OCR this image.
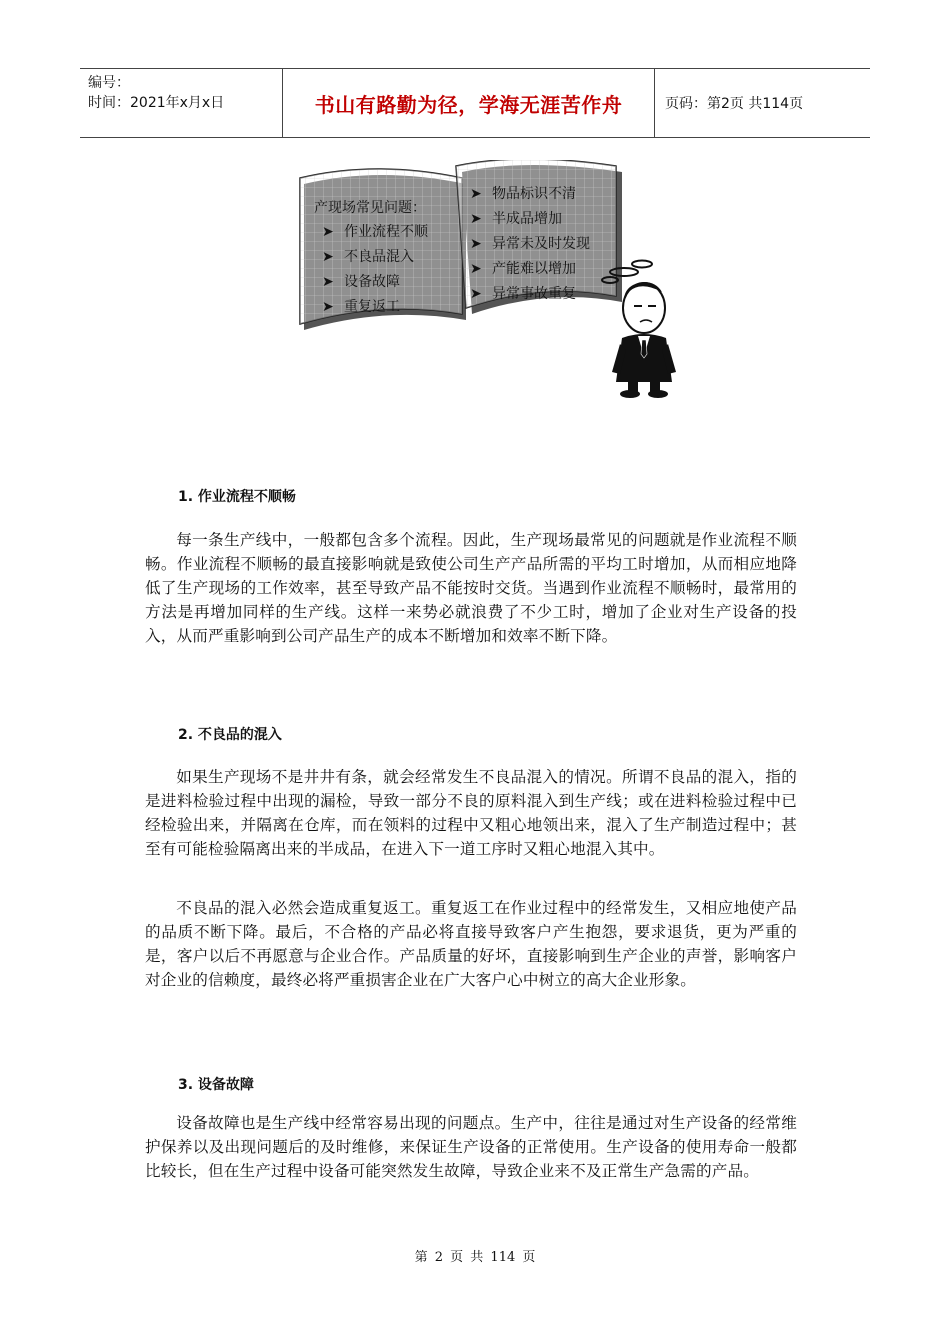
编号：
时间：2021年x月x日	书山有路勤为径，学海无涯苦作舟	页码：第2页 共114页
产现场常见问题：
➤ 作业流程不顺
➤ 不良品混入
➤ 设备故障
➤ 重复返工
➤ 物品标识不清
➤ 半成品增加
➤ 异常未及时发现
➤ 产能难以增加
➤ 异常事故重复
1. 作业流程不顺畅

每一条生产线中，一般都包含多个流程。因此，生产现场最常见的问题就是作业流程不顺畅。作业流程不顺畅的最直接影响就是致使公司生产产品所需的平均工时增加，从而相应地降低了生产现场的工作效率，甚至导致产品不能按时交货。当遇到作业流程不顺畅时，最常用的方法是再增加同样的生产线。这样一来势必就浪费了不少工时，增加了企业对生产设备的投入，从而严重影响到公司产品生产的成本不断增加和效率不断下降。

2. 不良品的混入

如果生产现场不是井井有条，就会经常发生不良品混入的情况。所谓不良品的混入，指的是进料检验过程中出现的漏检，导致一部分不良的原料混入到生产线；或在进料检验过程中已经检验出来，并隔离在仓库，而在领料的过程中又粗心地领出来，混入了生产制造过程中；甚至有可能检验隔离出来的半成品，在进入下一道工序时又粗心地混入其中。

不良品的混入必然会造成重复返工。重复返工在作业过程中的经常发生，又相应地使产品的品质不断下降。最后，不合格的产品必将直接导致客户产生抱怨，要求退货，更为严重的是，客户以后不再愿意与企业合作。产品质量的好坏，直接影响到生产企业的声誉，影响客户对企业的信赖度，最终必将严重损害企业在广大客户心中树立的高大企业形象。

3. 设备故障

设备故障也是生产线中经常容易出现的问题点。生产中，往往是通过对生产设备的经常维护保养以及出现问题后的及时维修，来保证生产设备的正常使用。生产设备的使用寿命一般都比较长，但在生产过程中设备可能突然发生故障，导致企业来不及正常生产急需的产品。

第 2 页 共 114 页
